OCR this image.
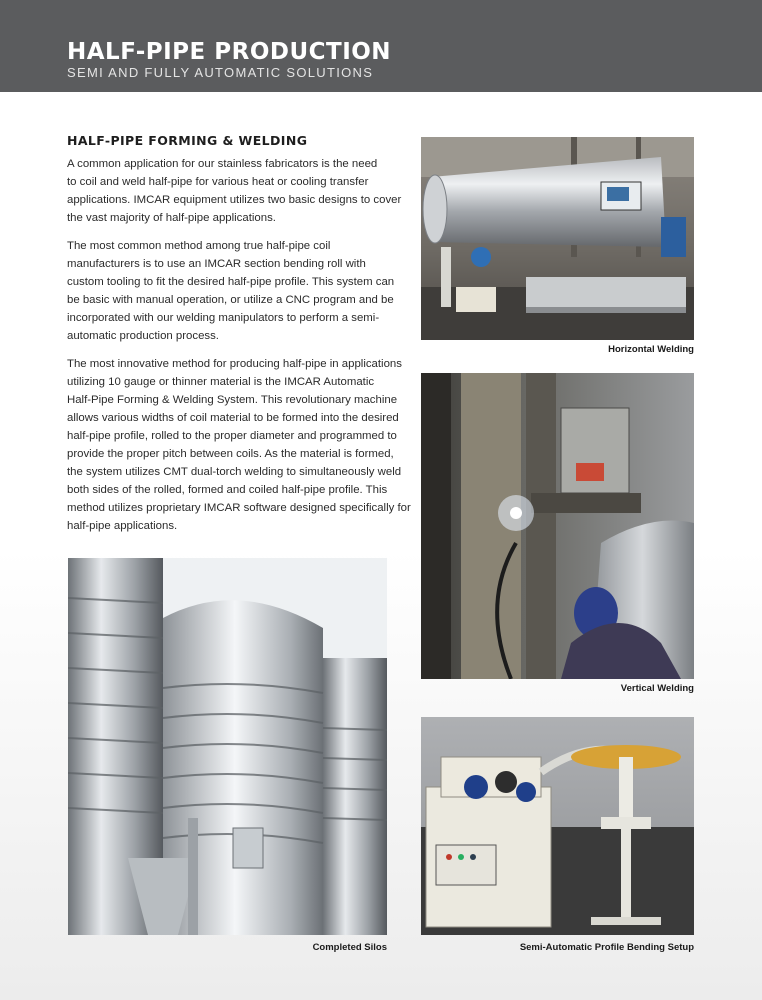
HALF-PIPE PRODUCTION
SEMI AND FULLY AUTOMATIC SOLUTIONS
HALF-PIPE FORMING & WELDING
A common application for our stainless fabricators is the need
to coil and weld half-pipe for various heat or cooling transfer
applications. IMCAR equipment utilizes two basic designs to cover
the vast majority of half-pipe applications.
The most common method among true half-pipe coil
manufacturers is to use an IMCAR section bending roll with
custom tooling to fit the desired half-pipe profile. This system can
be basic with manual operation, or utilize a CNC program and be
incorporated with our welding manipulators to perform a semi-
automatic production process.
The most innovative method for producing half-pipe in applications
utilizing 10 gauge or thinner material is the IMCAR Automatic
Half-Pipe Forming & Welding System. This revolutionary machine
allows various widths of coil material to be formed into the desired
half-pipe profile, rolled to the proper diameter and programmed to
provide the proper pitch between coils. As the material is formed,
the system utilizes CMT dual-torch welding to simultaneously weld
both sides of the rolled, formed and coiled half-pipe profile. This
method utilizes proprietary IMCAR software designed specifically for
half-pipe applications.
Horizontal Welding
Vertical Welding
Completed Silos	Semi-Automatic Profile Bending Setup
